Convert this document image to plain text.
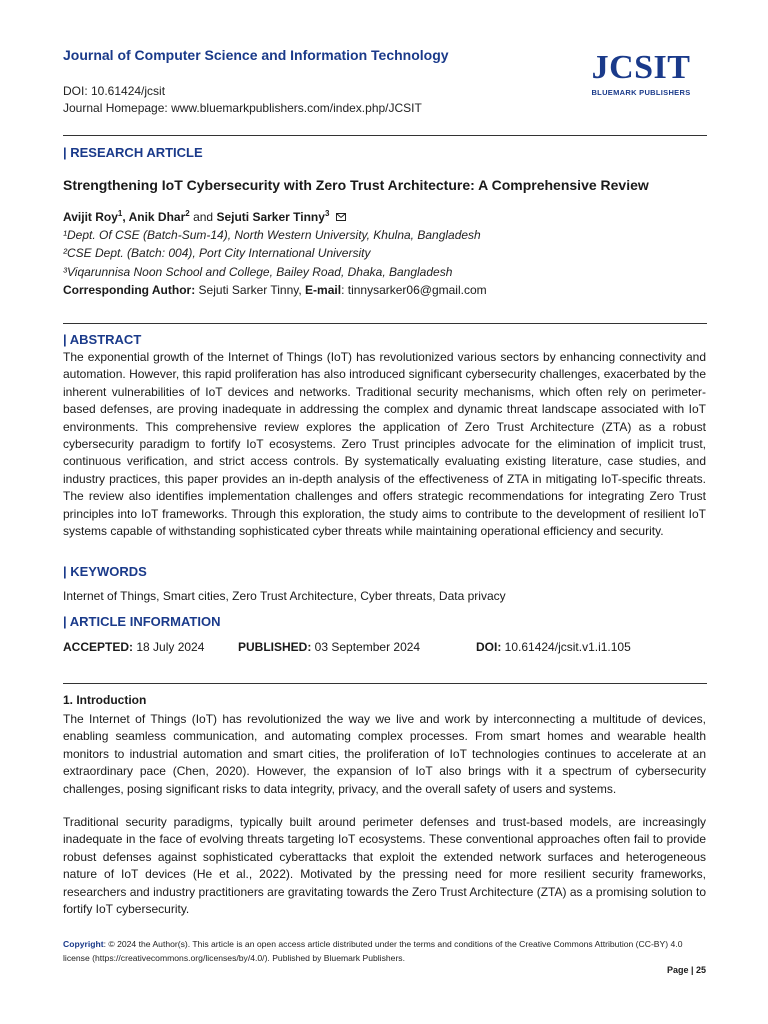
Journal of Computer Science and Information Technology
DOI: 10.61424/jcsit
Journal Homepage: www.bluemarkpublishers.com/index.php/JCSIT
JCSIT
BLUEMARK PUBLISHERS
| RESEARCH ARTICLE
Strengthening IoT Cybersecurity with Zero Trust Architecture: A Comprehensive Review
Avijit Roy$^1$, Anik Dhar$^2$ and Sejuti Sarker Tinny$^3$
¹Dept. Of CSE (Batch-Sum-14), North Western University, Khulna, Bangladesh
²CSE Dept. (Batch: 004), Port City International University
³Viqarunnisa Noon School and College, Bailey Road, Dhaka, Bangladesh
Corresponding Author: Sejuti Sarker Tinny, E-mail: tinnysarker06@gmail.com
| ABSTRACT
The exponential growth of the Internet of Things (IoT) has revolutionized various sectors by enhancing connectivity and automation. However, this rapid proliferation has also introduced significant cybersecurity challenges, exacerbated by the inherent vulnerabilities of IoT devices and networks. Traditional security mechanisms, which often rely on perimeter-based defenses, are proving inadequate in addressing the complex and dynamic threat landscape associated with IoT environments. This comprehensive review explores the application of Zero Trust Architecture (ZTA) as a robust cybersecurity paradigm to fortify IoT ecosystems. Zero Trust principles advocate for the elimination of implicit trust, continuous verification, and strict access controls. By systematically evaluating existing literature, case studies, and industry practices, this paper provides an in-depth analysis of the effectiveness of ZTA in mitigating IoT-specific threats. The review also identifies implementation challenges and offers strategic recommendations for integrating Zero Trust principles into IoT frameworks. Through this exploration, the study aims to contribute to the development of resilient IoT systems capable of withstanding sophisticated cyber threats while maintaining operational efficiency and security.
| KEYWORDS
Internet of Things, Smart cities, Zero Trust Architecture, Cyber threats, Data privacy
| ARTICLE INFORMATION
ACCEPTED: 18 July 2024	PUBLISHED: 03 September 2024	DOI: 10.61424/jcsit.v1.i1.105
1. Introduction
The Internet of Things (IoT) has revolutionized the way we live and work by interconnecting a multitude of devices, enabling seamless communication, and automating complex processes. From smart homes and wearable health monitors to industrial automation and smart cities, the proliferation of IoT technologies continues to accelerate at an extraordinary pace (Chen, 2020). However, the expansion of IoT also brings with it a spectrum of cybersecurity challenges, posing significant risks to data integrity, privacy, and the overall safety of users and systems.
Traditional security paradigms, typically built around perimeter defenses and trust-based models, are increasingly inadequate in the face of evolving threats targeting IoT ecosystems. These conventional approaches often fail to provide robust defenses against sophisticated cyberattacks that exploit the extended network surfaces and heterogeneous nature of IoT devices (He et al., 2022). Motivated by the pressing need for more resilient security frameworks, researchers and industry practitioners are gravitating towards the Zero Trust Architecture (ZTA) as a promising solution to fortify IoT cybersecurity.
Copyright: © 2024 the Author(s). This article is an open access article distributed under the terms and conditions of the Creative Commons Attribution (CC-BY) 4.0 license (https://creativecommons.org/licenses/by/4.0/). Published by Bluemark Publishers.
Page | 25
